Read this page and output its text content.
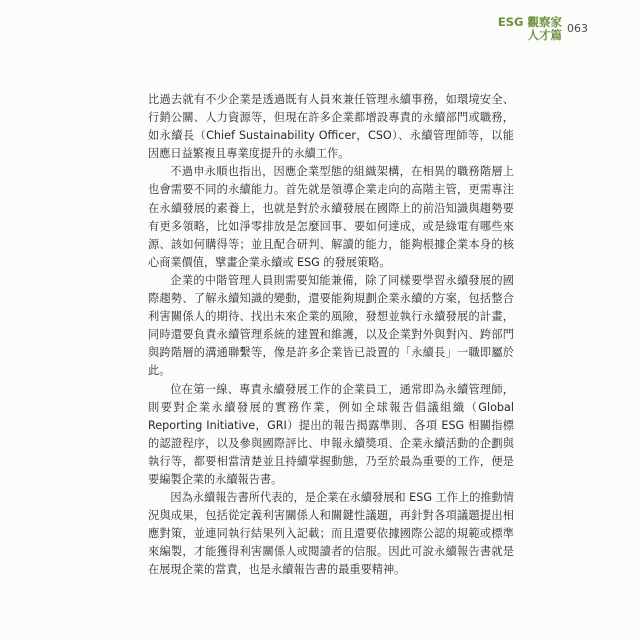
ESG 觀察家
人才篇 063

比過去就有不少企業是透過既有人員來兼任管理永續事務，如環境安全、行銷公關、人力資源等，但現在許多企業都增設專責的永續部門或職務，如永續長（Chief Sustainability Officer，CSO）、永續管理師等，以能因應日益繁複且專業度提升的永續工作。

不過申永順也指出，因應企業型態的組織架構，在相異的職務階層上也會需要不同的永續能力。首先就是領導企業走向的高階主管，更需專注在永續發展的素養上，也就是對於永續發展在國際上的前沿知識與趨勢要有更多領略，比如淨零排放是怎麼回事、要如何達成，或是綠電有哪些來源、該如何購得等；並且配合研判、解讀的能力，能夠根據企業本身的核心商業價值，擘畫企業永續或 ESG 的發展策略。

企業的中階管理人員則需要知能兼備，除了同樣要學習永續發展的國際趨勢、了解永續知識的變動，還要能夠規劃企業永續的方案，包括整合利害關係人的期待、找出未來企業的風險，發想並執行永續發展的計畫，同時還要負責永續管理系統的建置和維護，以及企業對外與對內、跨部門與跨階層的溝通聯繫等，像是許多企業皆已設置的「永續長」一職即屬於此。

位在第一線、專責永續發展工作的企業員工，通常即為永續管理師，則要對企業永續發展的實務作業，例如全球報告倡議組織（Global Reporting Initiative，GRI）提出的報告揭露準則、各項 ESG 相關指標的認證程序，以及參與國際評比、申報永續獎項、企業永續活動的企劃與執行等，都要相當清楚並且持續掌握動態，乃至於最為重要的工作，便是要編製企業的永續報告書。

因為永續報告書所代表的，是企業在永續發展和 ESG 工作上的推動情況與成果，包括從定義利害關係人和關鍵性議題，再針對各項議題提出相應對策，並連同執行結果列入記載；而且還要依據國際公認的規範或標準來編製，才能獲得利害關係人或閱讀者的信服。因此可說永續報告書就是在展現企業的當責，也是永續報告書的最重要精神。
